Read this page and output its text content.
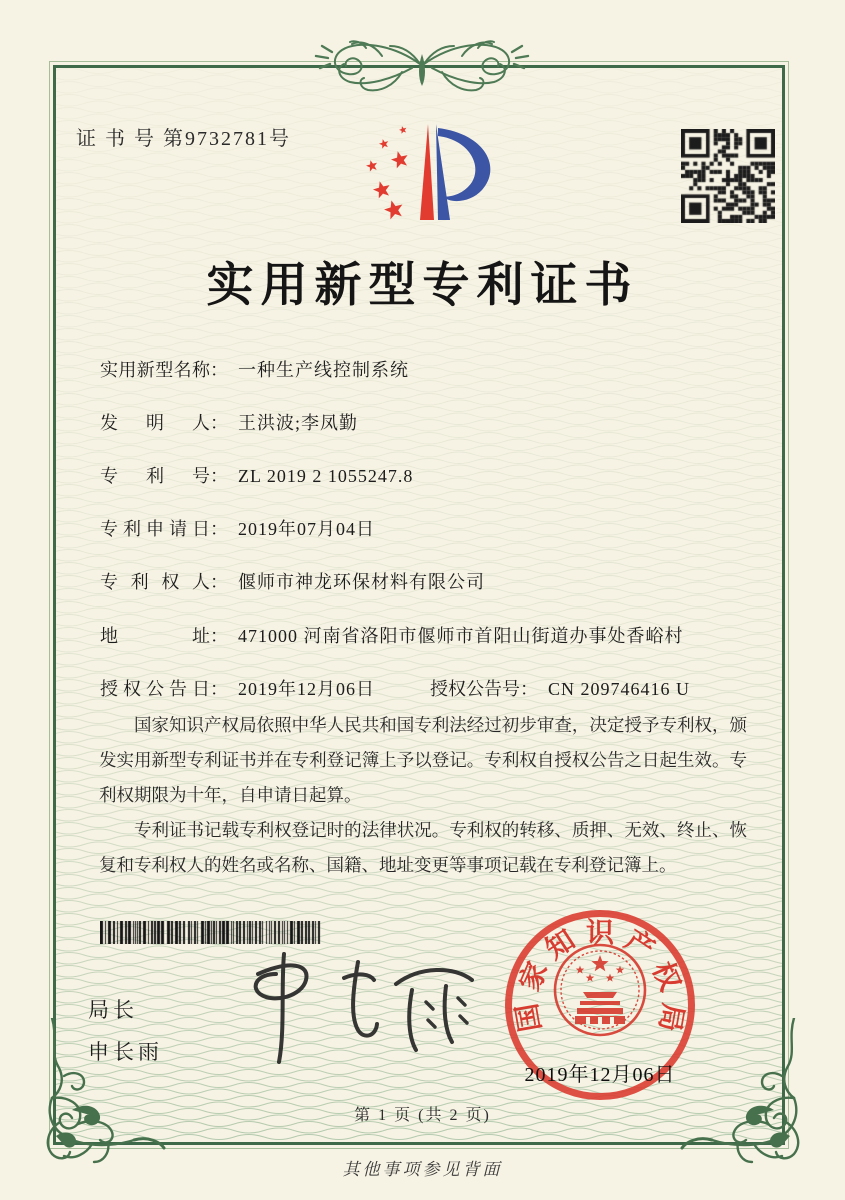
证 书 号 第9732781号
实用新型专利证书
实用新型名称： 一种生产线控制系统
发明人： 王洪波;李凤勤
专利号： ZL 2019 2 1055247.8
专利申请日： 2019年07月04日
专利权人： 偃师市神龙环保材料有限公司
地址： 471000 河南省洛阳市偃师市首阳山街道办事处香峪村
授权公告日： 2019年12月06日	授权公告号： CN 209746416 U

国家知识产权局依照中华人民共和国专利法经过初步审查，决定授予专利权，颁发实用新型专利证书并在专利登记簿上予以登记。专利权自授权公告之日起生效。专利权期限为十年，自申请日起算。

专利证书记载专利权登记时的法律状况。专利权的转移、质押、无效、终止、恢复和专利权人的姓名或名称、国籍、地址变更等事项记载在专利登记簿上。

局长
申长雨
国
家
知 识 产
权
局
2019年12月06日
第 1 页 (共 2 页)
其他事项参见背面
